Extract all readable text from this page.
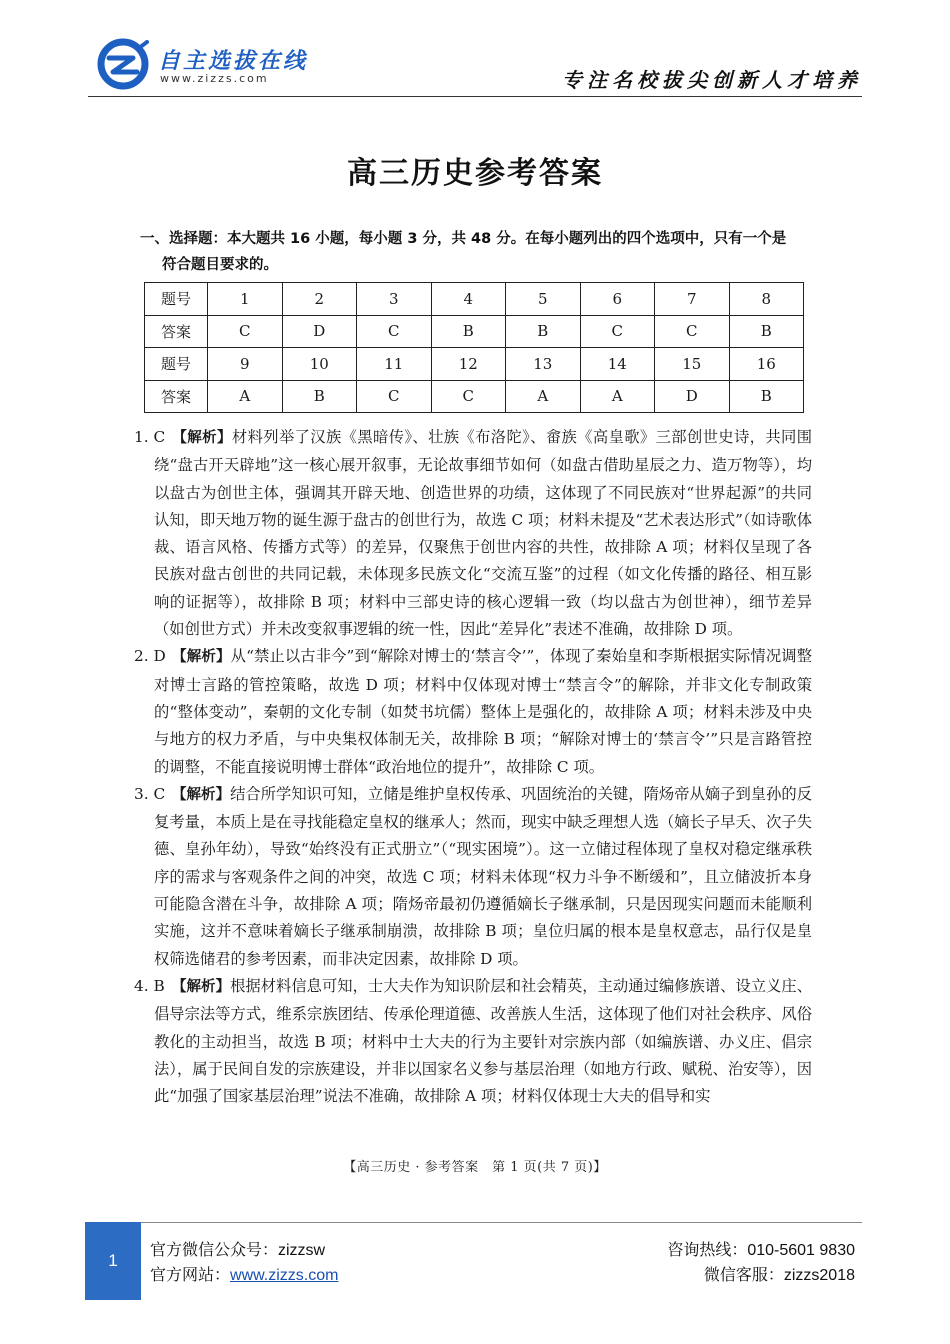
自主选拔在线
www.zizzs.com	专注名校拔尖创新人才培养
高三历史参考答案
一、选择题：本大题共 16 小题，每小题 3 分，共 48 分。在每小题列出的四个选项中，只有一个是
符合题目要求的。
题号	1	2	3	4	5	6	7	8
答案	C	D	C	B	B	C	C	B
题号	9	10	11	12	13	14	15	16
答案	A	B	C	C	A	A	D	B

1. C 【解析】材料列举了汉族《黑暗传》、壮族《布洛陀》、畲族《高皇歌》三部创世史诗，共同围绕“盘古开天辟地”这一核心展开叙事，无论故事细节如何（如盘古借助星辰之力、造万物等），均以盘古为创世主体，强调其开辟天地、创造世界的功绩，这体现了不同民族对“世界起源”的共同认知，即天地万物的诞生源于盘古的创世行为，故选 C 项；材料未提及“艺术表达形式”（如诗歌体裁、语言风格、传播方式等）的差异，仅聚焦于创世内容的共性，故排除 A 项；材料仅呈现了各民族对盘古创世的共同记载，未体现多民族文化“交流互鉴”的过程（如文化传播的路径、相互影响的证据等），故排除 B 项；材料中三部史诗的核心逻辑一致（均以盘古为创世神），细节差异（如创世方式）并未改变叙事逻辑的统一性，因此“差异化”表述不准确，故排除 D 项。

2. D 【解析】从“禁止以古非今”到“解除对博士的‘禁言令’”，体现了秦始皇和李斯根据实际情况调整对博士言路的管控策略，故选 D 项；材料中仅体现对博士“禁言令”的解除，并非文化专制政策的“整体变动”，秦朝的文化专制（如焚书坑儒）整体上是强化的，故排除 A 项；材料未涉及中央与地方的权力矛盾，与中央集权体制无关，故排除 B 项；“解除对博士的‘禁言令’”只是言路管控的调整，不能直接说明博士群体“政治地位的提升”，故排除 C 项。

3. C 【解析】结合所学知识可知，立储是维护皇权传承、巩固统治的关键，隋炀帝从嫡子到皇孙的反复考量，本质上是在寻找能稳定皇权的继承人；然而，现实中缺乏理想人选（嫡长子早夭、次子失德、皇孙年幼），导致“始终没有正式册立”（“现实困境”）。这一立储过程体现了皇权对稳定继承秩序的需求与客观条件之间的冲突，故选 C 项；材料未体现“权力斗争不断缓和”，且立储波折本身可能隐含潜在斗争，故排除 A 项；隋炀帝最初仍遵循嫡长子继承制，只是因现实问题而未能顺利实施，这并不意味着嫡长子继承制崩溃，故排除 B 项；皇位归属的根本是皇权意志，品行仅是皇权筛选储君的参考因素，而非决定因素，故排除 D 项。

4. B 【解析】根据材料信息可知，士大夫作为知识阶层和社会精英，主动通过编修族谱、设立义庄、倡导宗法等方式，维系宗族团结、传承伦理道德、改善族人生活，这体现了他们对社会秩序、风俗教化的主动担当，故选 B 项；材料中士大夫的行为主要针对宗族内部（如编族谱、办义庄、倡宗法），属于民间自发的宗族建设，并非以国家名义参与基层治理（如地方行政、赋税、治安等），因此“加强了国家基层治理”说法不准确，故排除 A 项；材料仅体现士大夫的倡导和实

【高三历史 · 参考答案　第 1 页(共 7 页)】
1
官方微信公众号：zizzsw
官方网站：www.zizzs.com
咨询热线：010-5601 9830
微信客服：zizzs2018
